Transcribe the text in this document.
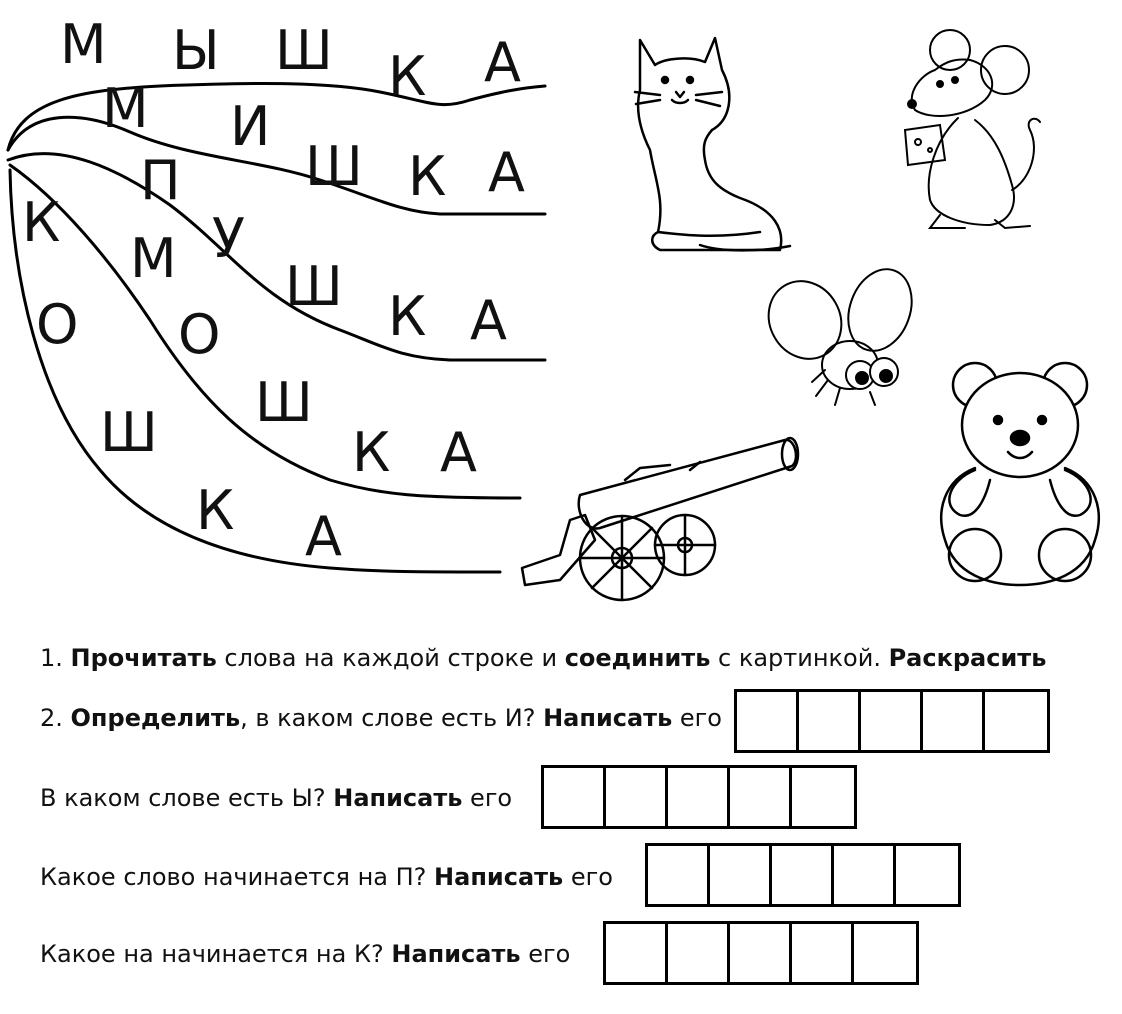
М Ы Ш К А
М И
Ш К А
П
У
Ш К А
М
О
Ш
К А
К
О
Ш
К А
1. Прочитать слова на каждой строке и соединить с картинкой. Раскрасить
2. Определить, в каком слове есть И? Написать его
В каком слове есть Ы? Написать его
Какое слово начинается на П? Написать его
Какое на начинается на К? Написать его
